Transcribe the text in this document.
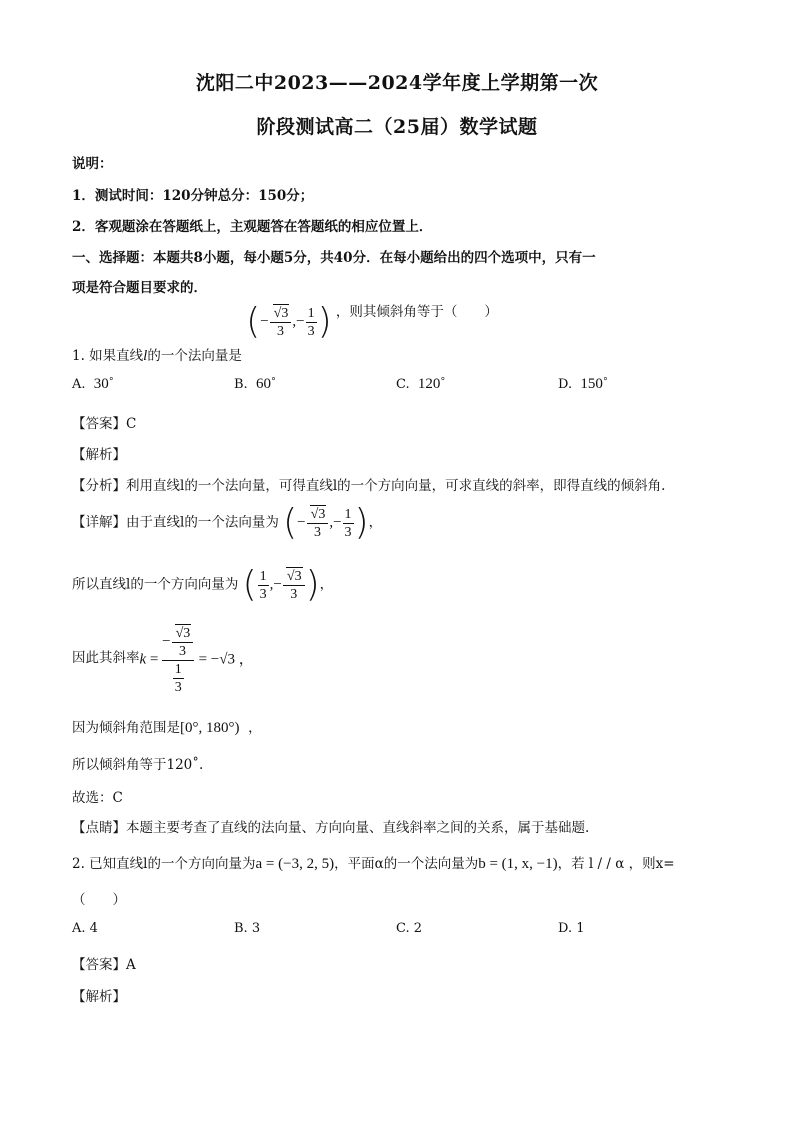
沈阳二中2023——2024学年度上学期第一次
阶段测试高二（25届）数学试题
说明：
1．测试时间：120分钟总分：150分；
2．客观题涂在答题纸上，主观题答在答题纸的相应位置上．
一、选择题：本题共8小题，每小题5分，共40分．在每小题给出的四个选项中，只有一
项是符合题目要求的．
1. 如果直线l的一个法向量是 (− $\frac{√3}{3}$ ,− $\frac{1}{3}$ ) ，则其倾斜角等于（　　）
A. 30˚	B. 60˚	C. 120˚	D. 150˚
【答案】C
【解析】
【分析】利用直线l的一个法向量，可得直线l的一个方向向量，可求直线的斜率，即得直线的倾斜角.
【详解】由于直线l的一个法向量为 (− $\frac{√3}{3}$ ,− $\frac{1}{3}$ )，
所以直线l的一个方向向量为 ( $\frac{1}{3}$ ,− $\frac{√3}{3}$ )，
因此其斜率$k = \frac{- \frac{√3}{3}}{\frac{1}{3}} = -√3$ ，
因为倾斜角范围是[0°, 180°)  ，
所以倾斜角等于120˚.
故选：C
【点睛】本题主要考查了直线的法向量、方向向量、直线斜率之间的关系，属于基础题.
2. 已知直线l的一个方向向量为a = (−3, 2, 5)，平面α的一个法向量为b = (1, x, −1)，若 l / / α ，则x=
（　　）
A. 4	B. 3	C. 2	D. 1
【答案】A
【解析】
